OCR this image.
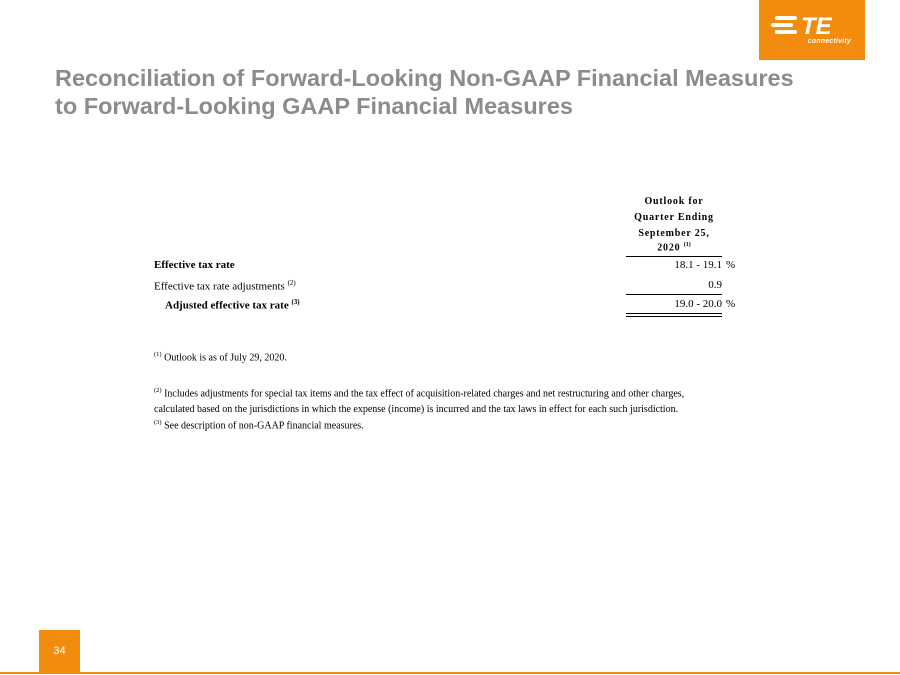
TE
connectivity
Reconciliation of Forward-Looking Non-GAAP Financial Measures
to Forward-Looking GAAP Financial Measures
Outlook for
Quarter Ending
September 25,
2020 $^{(1)}$
Effective tax rate	18.1 - 19.1 %
Effective tax rate adjustments $^{(2)}$	0.9
Adjusted effective tax rate $^{(3)}$	19.0 - 20.0 %
$^{(1)}$ Outlook is as of July 29, 2020.
$^{(2)}$ Includes adjustments for special tax items and the tax effect of acquisition-related charges and net restructuring and other charges,
calculated based on the jurisdictions in which the expense (income) is incurred and the tax laws in effect for each such jurisdiction.
$^{(3)}$ See description of non-GAAP financial measures.
34
